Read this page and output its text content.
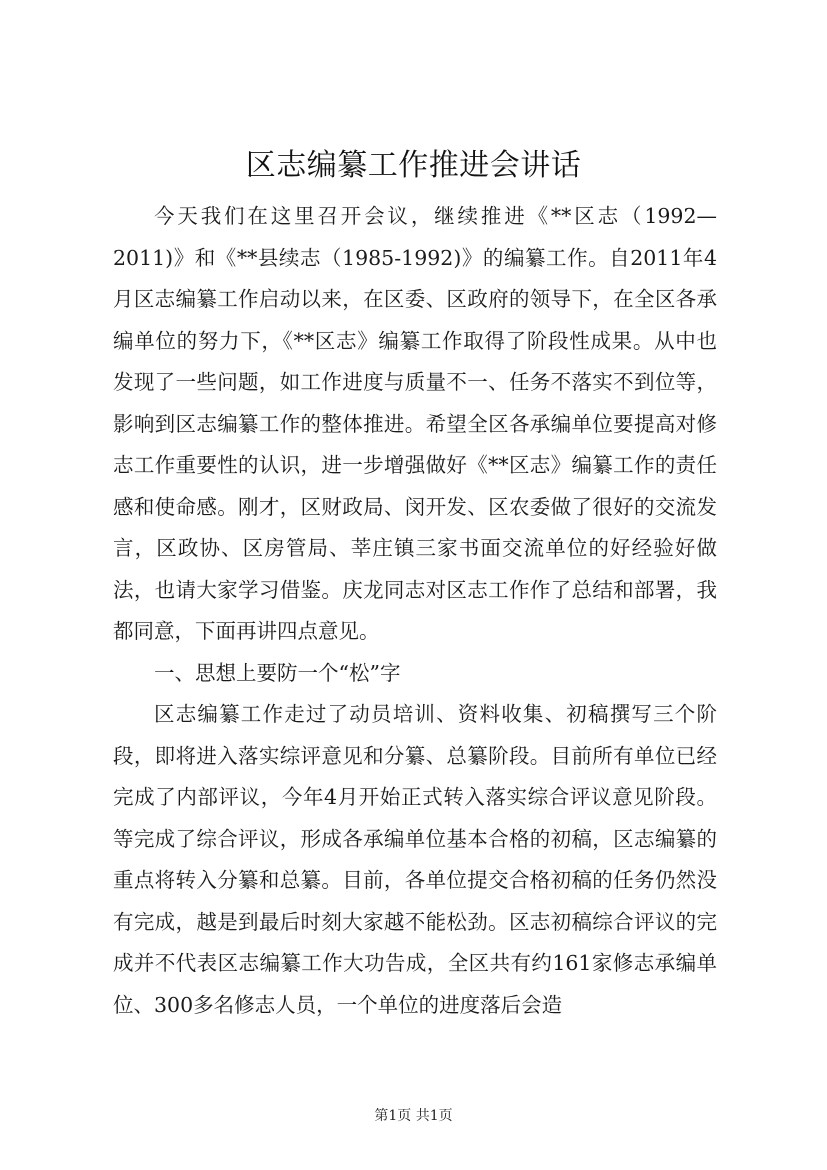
区志编纂工作推进会讲话

今天我们在这里召开会议，继续推进《**区志（1992—2011)》和《**县续志（1985-1992)》的编纂工作。自2011年4月区志编纂工作启动以来，在区委、区政府的领导下，在全区各承编单位的努力下，《**区志》编纂工作取得了阶段性成果。从中也发现了一些问题，如工作进度与质量不一、任务不落实不到位等，影响到区志编纂工作的整体推进。希望全区各承编单位要提高对修志工作重要性的认识，进一步增强做好《**区志》编纂工作的责任感和使命感。刚才，区财政局、闵开发、区农委做了很好的交流发言，区政协、区房管局、莘庄镇三家书面交流单位的好经验好做法，也请大家学习借鉴。庆龙同志对区志工作作了总结和部署，我都同意，下面再讲四点意见。

一、思想上要防一个“松”字

区志编纂工作走过了动员培训、资料收集、初稿撰写三个阶段，即将进入落实综评意见和分纂、总纂阶段。目前所有单位已经完成了内部评议，今年4月开始正式转入落实综合评议意见阶段。等完成了综合评议，形成各承编单位基本合格的初稿，区志编纂的重点将转入分纂和总纂。目前，各单位提交合格初稿的任务仍然没有完成，越是到最后时刻大家越不能松劲。区志初稿综合评议的完成并不代表区志编纂工作大功告成，全区共有约161家修志承编单位、300多名修志人员，一个单位的进度落后会造

第1页 共1页
